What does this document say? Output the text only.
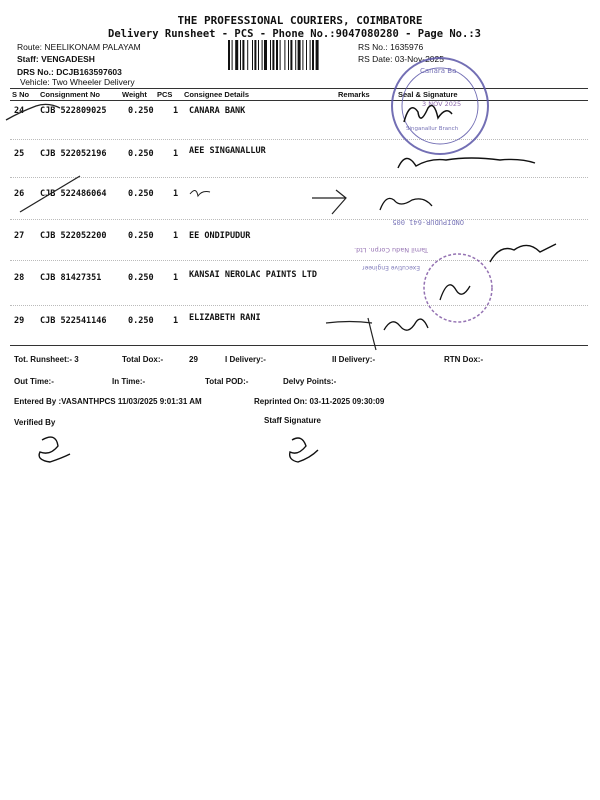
THE PROFESSIONAL COURIERS, COIMBATORE
Delivery Runsheet - PCS - Phone No.:9047080280 - Page No.:3
Route: NEELIKONAM PALAYAM
Staff: VENGADESH
DRS No.: DCJB163597603
Vehicle: Two Wheeler Delivery
RS No.: 1635976
RS Date: 03-Nov-2025
S No Consignment No	Weight PCS Consignee Details	Remarks	Seal & Signature
24 CJB 522809025	0.250 1 CANARA BANK
25 CJB 522052196	0.250 1 AEE SINGANALLUR
26 CJB 522486064	0.250 1
27 CJB 522052200	0.250 1 EE ONDIPUDUR
28 CJB 81427351	0.250 1 KANSAI NEROLAC PAINTS LTD
29 CJB 522541146	0.250 1 ELIZABETH RANI
Tot. Runsheet:- 3	Total Dox:-	29	I Delivery:-	II Delivery:-	RTN Dox:-
Out Time:-	In Time:-	Total POD:-	Delvy Points:-
Entered By :VASANTHPCS 11/03/2025 9:01:31 AM	Reprinted On: 03-11-2025 09:30:09
Verified By	Staff Signature
Canara Ba
3 NOV 2025
Singanallur Branch
ONDIPUDUR-641 005
Tamil Nadu Corpn. Ltd.
Executive Engineer
